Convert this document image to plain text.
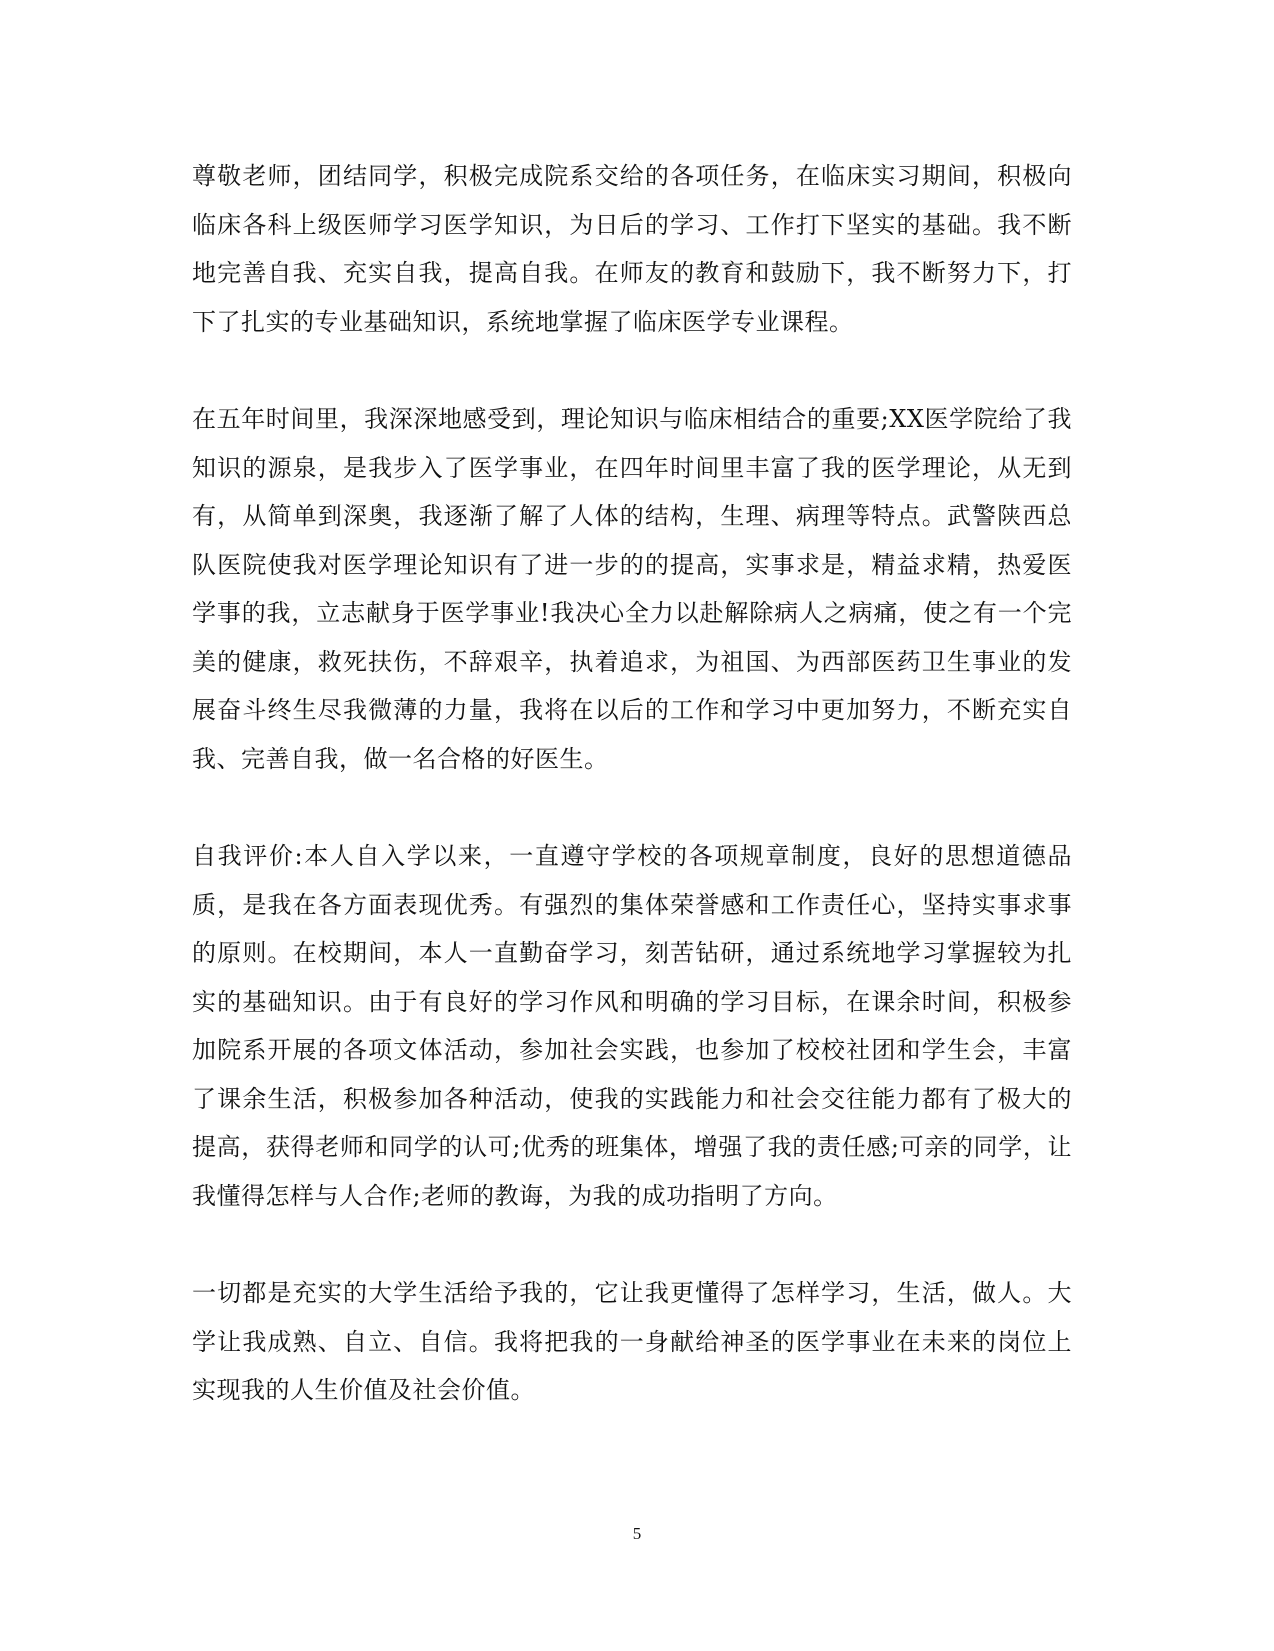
尊敬老师，团结同学，积极完成院系交给的各项任务，在临床实习期间，积极向临床各科上级医师学习医学知识，为日后的学习、工作打下坚实的基础。我不断地完善自我、充实自我，提高自我。在师友的教育和鼓励下，我不断努力下，打下了扎实的专业基础知识，系统地掌握了临床医学专业课程。

在五年时间里，我深深地感受到，理论知识与临床相结合的重要;XX医学院给了我知识的源泉，是我步入了医学事业，在四年时间里丰富了我的医学理论，从无到有，从简单到深奥，我逐渐了解了人体的结构，生理、病理等特点。武警陕西总队医院使我对医学理论知识有了进一步的的提高，实事求是，精益求精，热爱医学事的我，立志献身于医学事业!我决心全力以赴解除病人之病痛，使之有一个完美的健康，救死扶伤，不辞艰辛，执着追求，为祖国、为西部医药卫生事业的发展奋斗终生尽我微薄的力量，我将在以后的工作和学习中更加努力，不断充实自我、完善自我，做一名合格的好医生。

自我评价:本人自入学以来，一直遵守学校的各项规章制度，良好的思想道德品质，是我在各方面表现优秀。有强烈的集体荣誉感和工作责任心，坚持实事求事的原则。在校期间，本人一直勤奋学习，刻苦钻研，通过系统地学习掌握较为扎实的基础知识。由于有良好的学习作风和明确的学习目标，在课余时间，积极参加院系开展的各项文体活动，参加社会实践，也参加了校校社团和学生会，丰富了课余生活，积极参加各种活动，使我的实践能力和社会交往能力都有了极大的提高，获得老师和同学的认可;优秀的班集体，增强了我的责任感;可亲的同学，让我懂得怎样与人合作;老师的教诲，为我的成功指明了方向。

一切都是充实的大学生活给予我的，它让我更懂得了怎样学习，生活，做人。大学让我成熟、自立、自信。我将把我的一身献给神圣的医学事业在未来的岗位上实现我的人生价值及社会价值。

5
